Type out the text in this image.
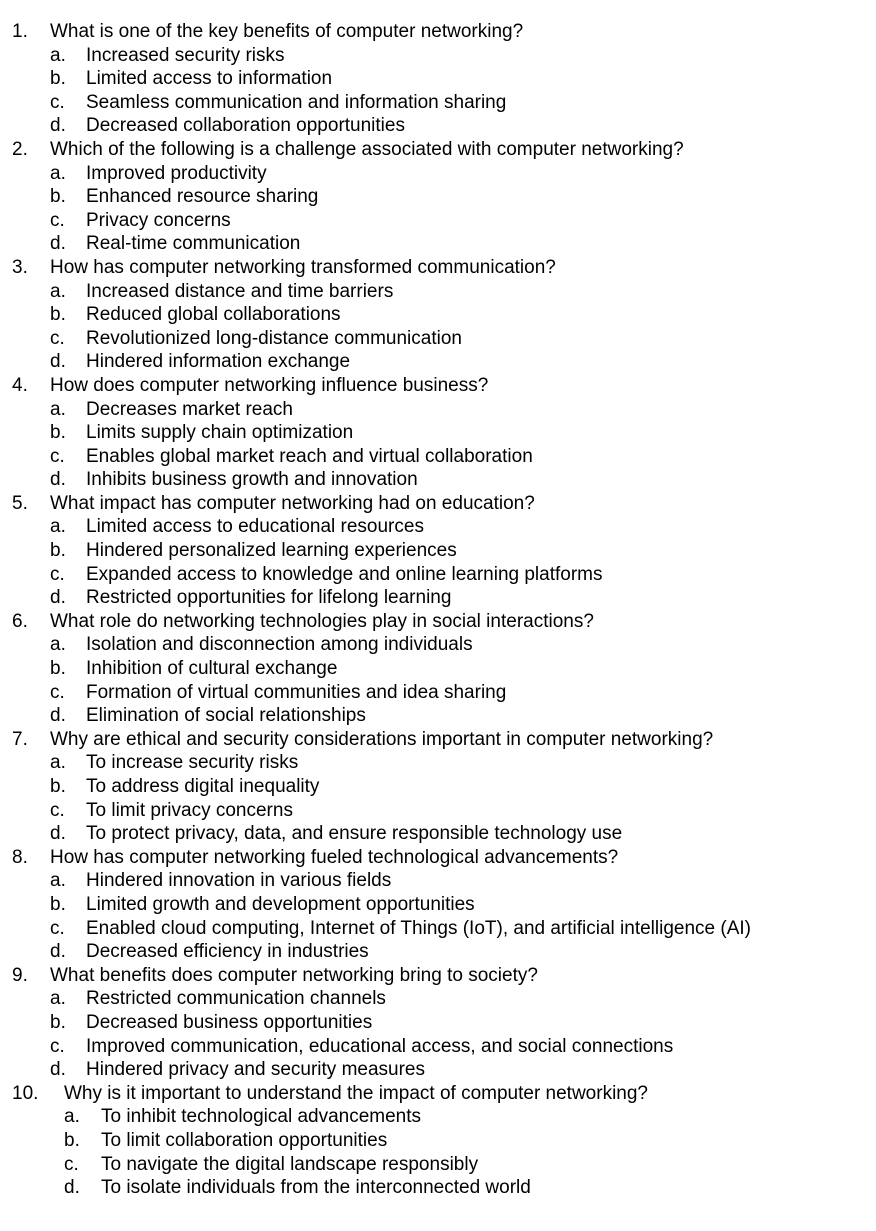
1. What is one of the key benefits of computer networking?
a. Increased security risks
b. Limited access to information
c. Seamless communication and information sharing
d. Decreased collaboration opportunities
2. Which of the following is a challenge associated with computer networking?
a. Improved productivity
b. Enhanced resource sharing
c. Privacy concerns
d. Real-time communication
3. How has computer networking transformed communication?
a. Increased distance and time barriers
b. Reduced global collaborations
c. Revolutionized long-distance communication
d. Hindered information exchange
4. How does computer networking influence business?
a. Decreases market reach
b. Limits supply chain optimization
c. Enables global market reach and virtual collaboration
d. Inhibits business growth and innovation
5. What impact has computer networking had on education?
a. Limited access to educational resources
b. Hindered personalized learning experiences
c. Expanded access to knowledge and online learning platforms
d. Restricted opportunities for lifelong learning
6. What role do networking technologies play in social interactions?
a. Isolation and disconnection among individuals
b. Inhibition of cultural exchange
c. Formation of virtual communities and idea sharing
d. Elimination of social relationships
7. Why are ethical and security considerations important in computer networking?
a. To increase security risks
b. To address digital inequality
c. To limit privacy concerns
d. To protect privacy, data, and ensure responsible technology use
8. How has computer networking fueled technological advancements?
a. Hindered innovation in various fields
b. Limited growth and development opportunities
c. Enabled cloud computing, Internet of Things (IoT), and artificial intelligence (AI)
d. Decreased efficiency in industries
9. What benefits does computer networking bring to society?
a. Restricted communication channels
b. Decreased business opportunities
c. Improved communication, educational access, and social connections
d. Hindered privacy and security measures
10. Why is it important to understand the impact of computer networking?
a. To inhibit technological advancements
b. To limit collaboration opportunities
c. To navigate the digital landscape responsibly
d. To isolate individuals from the interconnected world
